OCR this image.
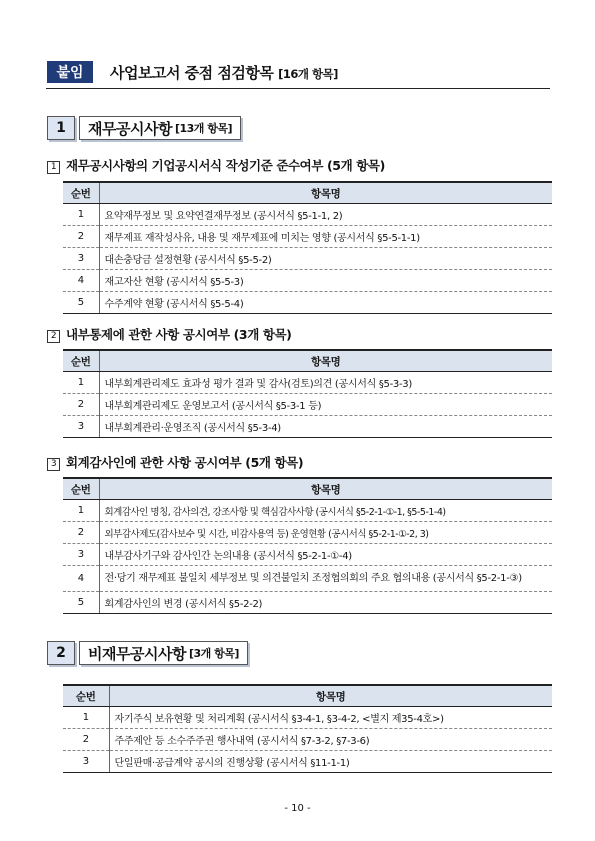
붙임	사업보고서 중점 점검항목 [16개 항목]
1	재무공시사항 [13개 항목]
1 재무공시사항의 기업공시서식 작성기준 준수여부 (5개 항목)
순번	항목명
1	요약재무정보 및 요약연결재무정보 (공시서식 §5-1-1, 2)
2	재무제표 재작성사유, 내용 및 재무제표에 미치는 영향 (공시서식 §5-5-1-1)
3	대손충당금 설정현황 (공시서식 §5-5-2)
4	재고자산 현황 (공시서식 §5-5-3)
5	수주계약 현황 (공시서식 §5-5-4)
2 내부통제에 관한 사항 공시여부 (3개 항목)
순번	항목명
1	내부회계관리제도 효과성 평가 결과 및 감사(검토)의견 (공시서식 §5-3-3)
2	내부회계관리제도 운영보고서 (공시서식 §5-3-1 등)
3	내부회계관리·운영조직 (공시서식 §5-3-4)
3 회계감사인에 관한 사항 공시여부 (5개 항목)
순번	항목명
1	회계감사인 명칭, 감사의견, 강조사항 및 핵심감사사항 (공시서식 §5-2-1-①-1, §5-5-1-4)
2	외부감사제도(감사보수 및 시간, 비감사용역 등) 운영현황 (공시서식 §5-2-1-①-2, 3)
3	내부감사기구와 감사인간 논의내용 (공시서식 §5-2-1-①-4)
4	전·당기 재무제표 불일치 세부정보 및 의견불일치 조정협의회의 주요 협의내용 (공시서식 §5-2-1-③)
5	회계감사인의 변경 (공시서식 §5-2-2)
2	비재무공시사항 [3개 항목]
순번	항목명
1	자기주식 보유현황 및 처리계획 (공시서식 §3-4-1, §3-4-2, <별지 제35-4호>)
2	주주제안 등 소수주주권 행사내역 (공시서식 §7-3-2, §7-3-6)
3	단일판매·공급계약 공시의 진행상황 (공시서식 §11-1-1)
- 10 -
